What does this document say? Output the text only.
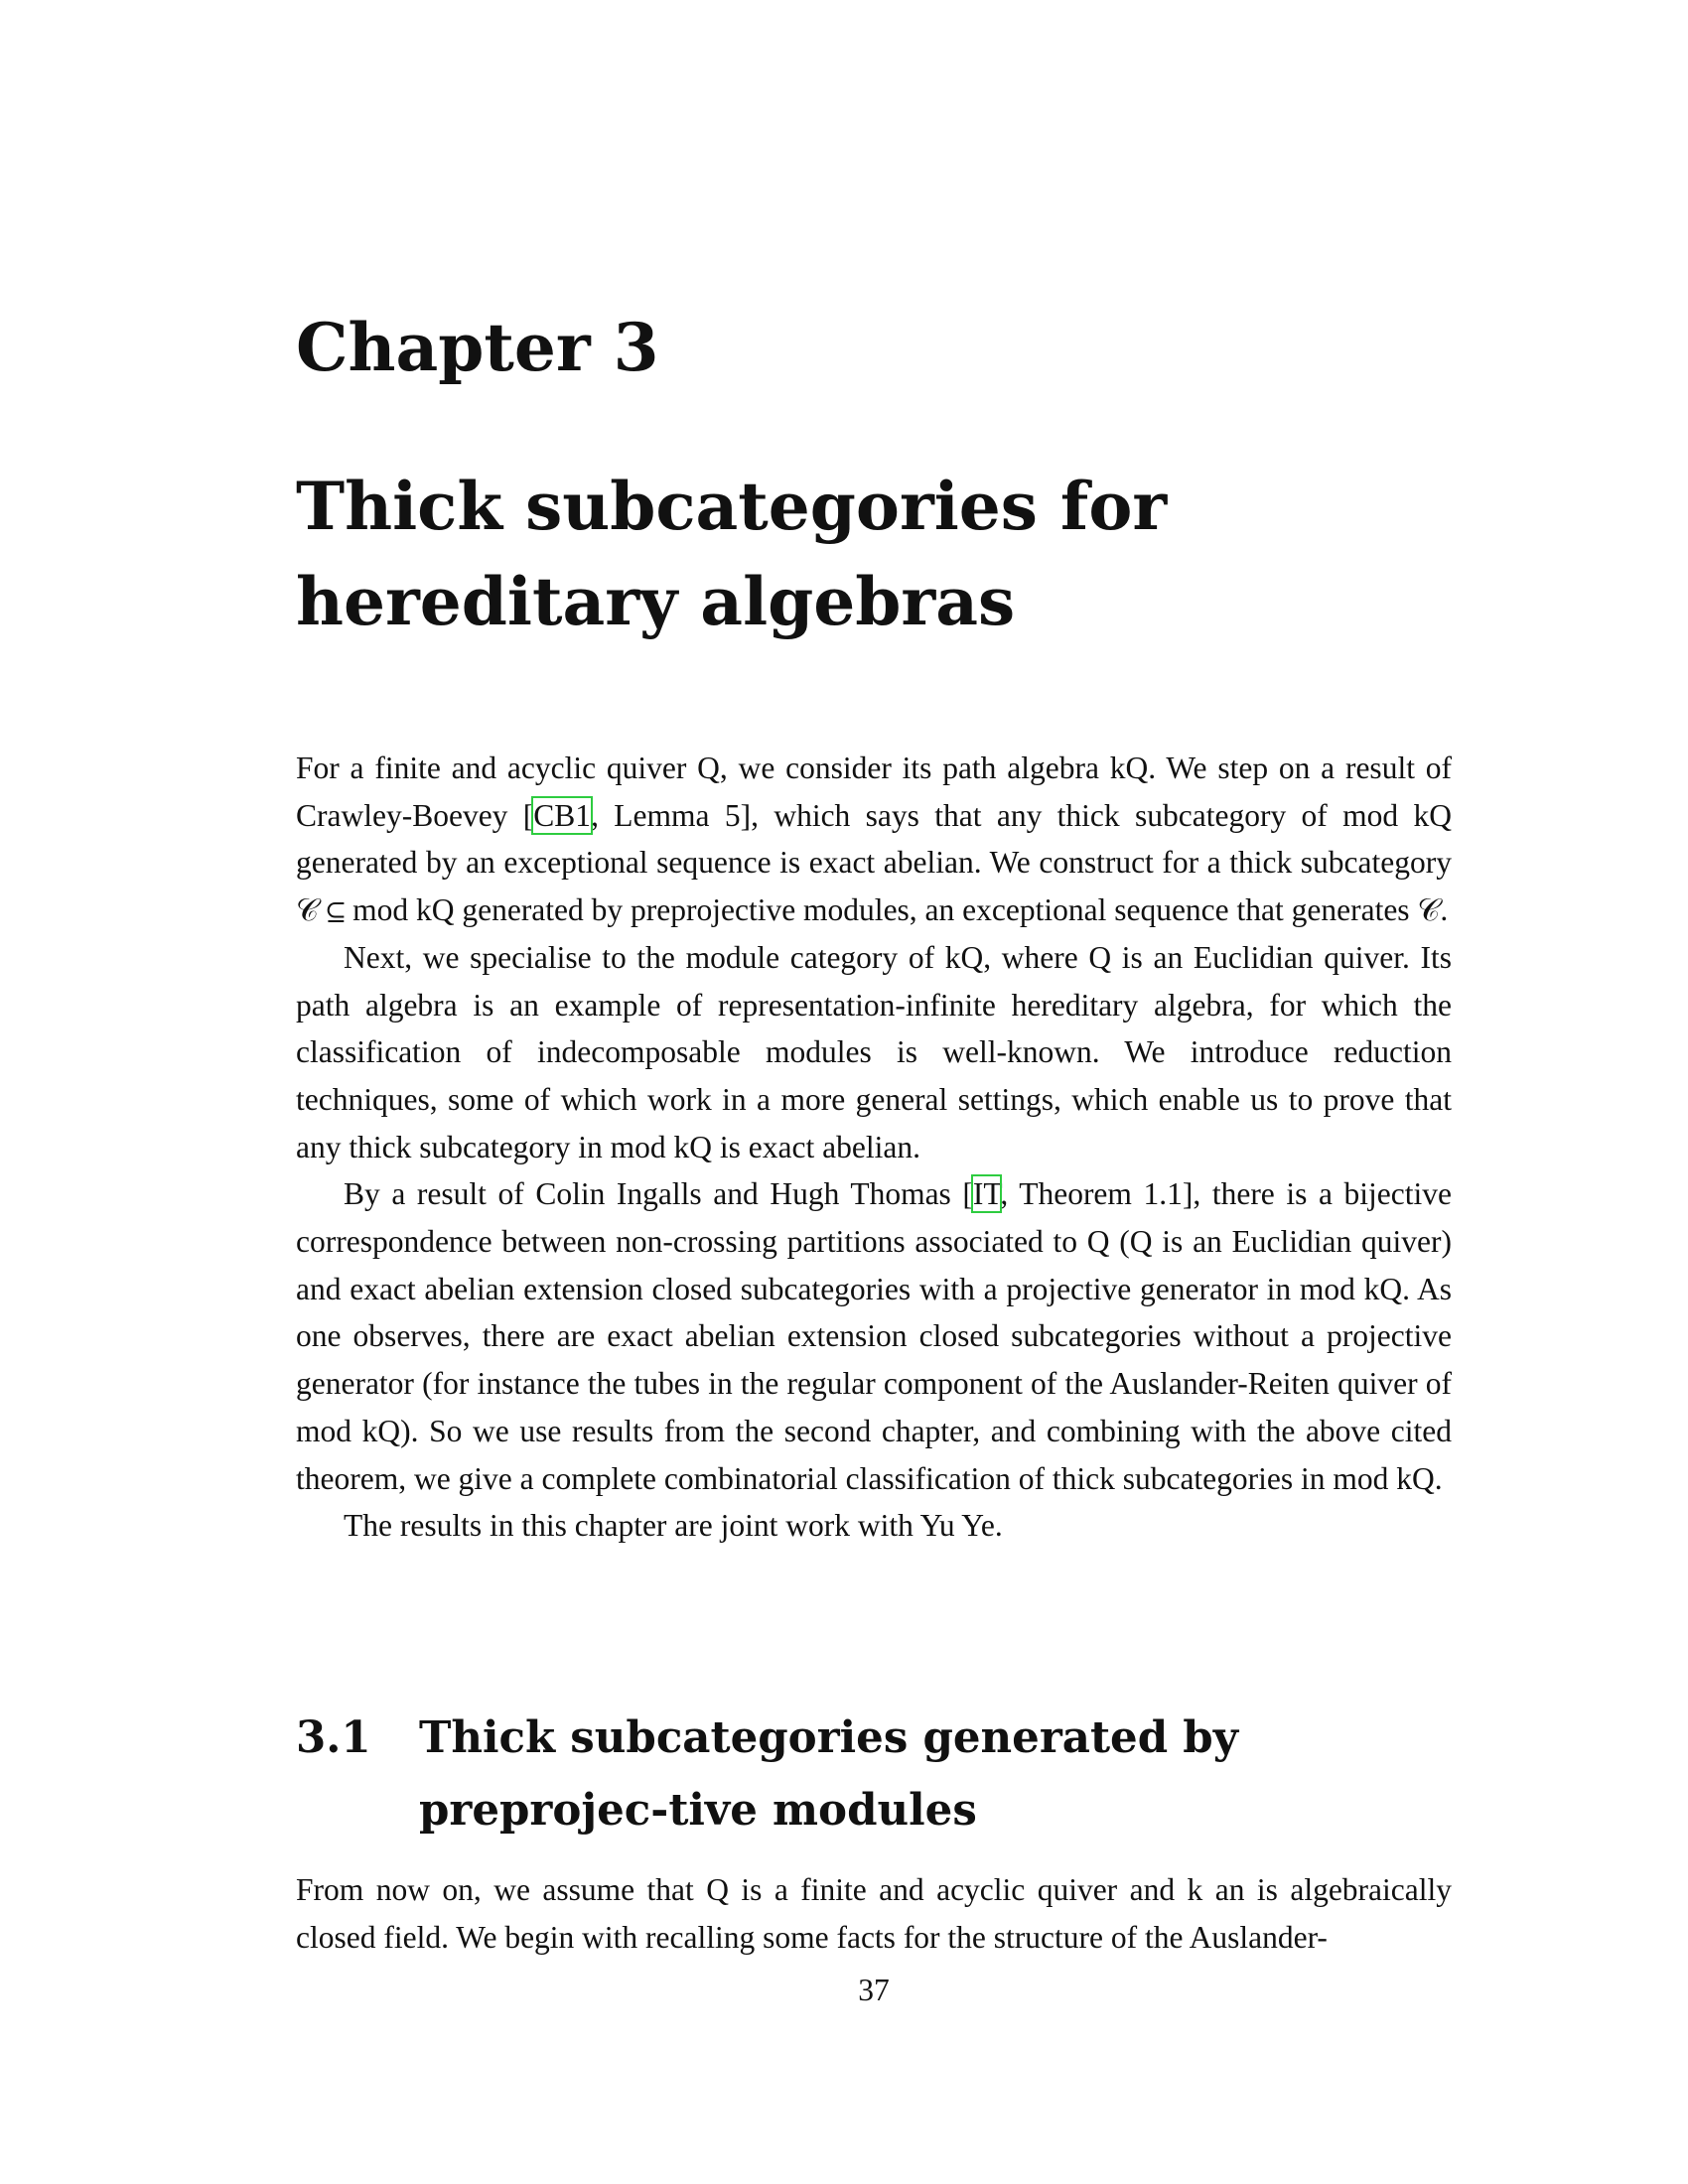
Chapter 3
Thick subcategories for hereditary algebras

For a finite and acyclic quiver Q, we consider its path algebra kQ. We step on a result of Crawley-Boevey [CB1, Lemma 5], which says that any thick subcategory of mod kQ generated by an exceptional sequence is exact abelian. We construct for a thick subcategory 𝒞 ⊆ mod kQ generated by preprojective modules, an exceptional sequence that generates 𝒞.

Next, we specialise to the module category of kQ, where Q is an Euclidian quiver. Its path algebra is an example of representation-infinite hereditary algebra, for which the classification of indecomposable modules is well-known. We introduce reduction techniques, some of which work in a more general settings, which enable us to prove that any thick subcategory in mod kQ is exact abelian.

By a result of Colin Ingalls and Hugh Thomas [IT, Theorem 1.1], there is a bijective correspondence between non-crossing partitions associated to Q (Q is an Euclidian quiver) and exact abelian extension closed subcategories with a projective generator in mod kQ. As one observes, there are exact abelian extension closed subcategories without a projective generator (for instance the tubes in the regular component of the Auslander-Reiten quiver of mod kQ). So we use results from the second chapter, and combining with the above cited theorem, we give a complete combinatorial classification of thick subcategories in mod kQ.

The results in this chapter are joint work with Yu Ye.

3.1	Thick subcategories generated by preprojec-tive modules

From now on, we assume that Q is a finite and acyclic quiver and k an is algebraically closed field. We begin with recalling some facts for the structure of the Auslander-

37
